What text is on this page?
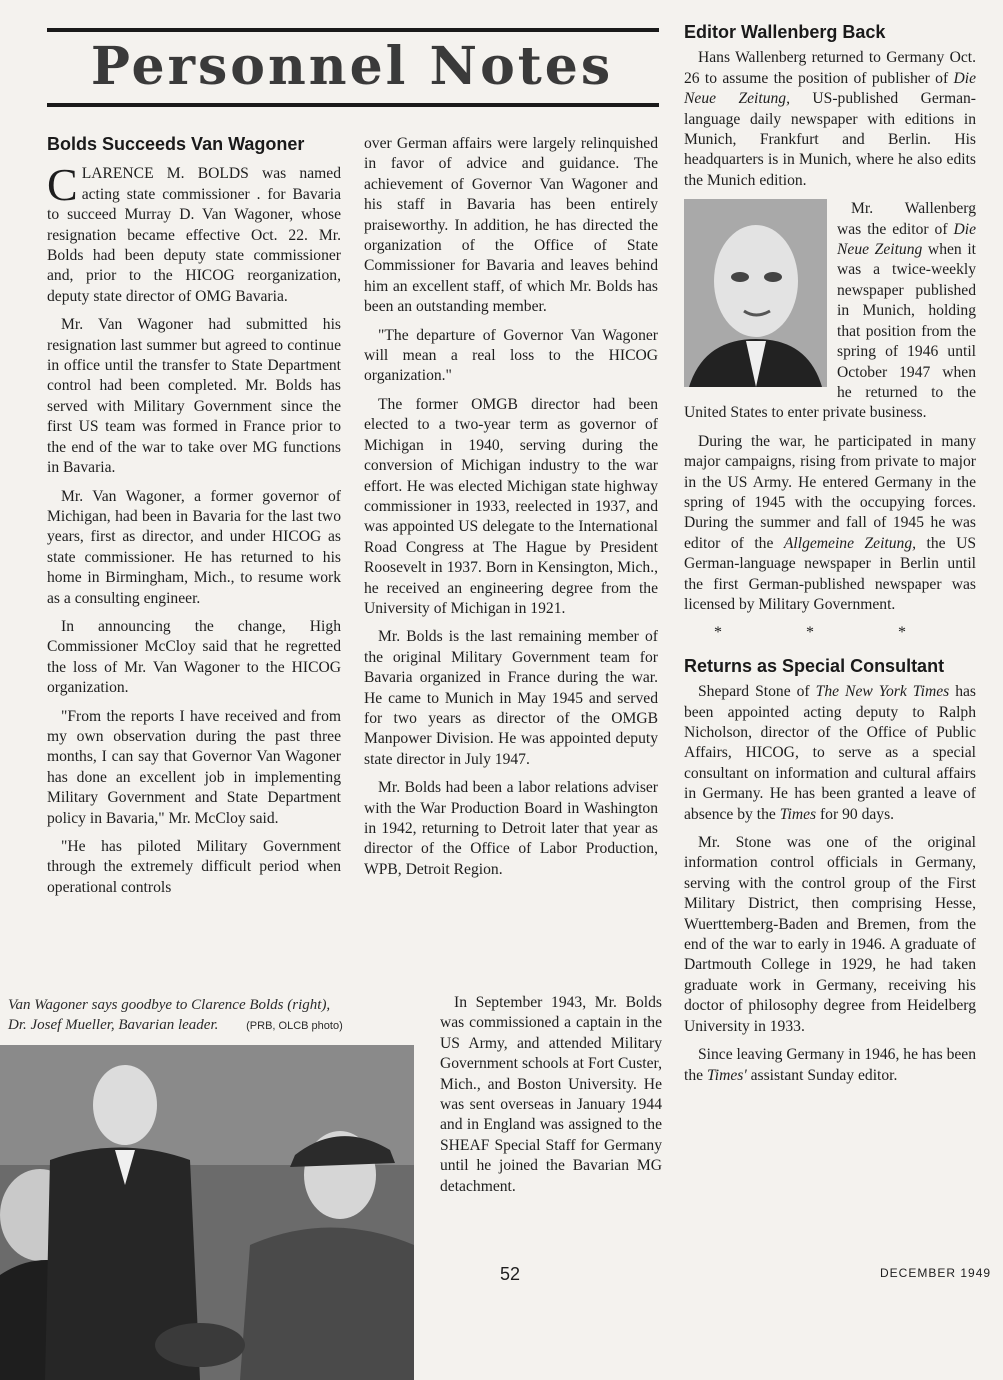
Personnel Notes
Bolds Succeeds Van Wagoner

CLARENCE M. BOLDS was named acting state commissioner . for Bavaria to succeed Murray D. Van Wagoner, whose resignation became effective Oct. 22. Mr. Bolds had been deputy state commissioner and, prior to the HICOG reorganization, deputy state director of OMG Bavaria.

Mr. Van Wagoner had submitted his resignation last summer but agreed to continue in office until the transfer to State Department control had been completed. Mr. Bolds has served with Military Government since the first US team was formed in France prior to the end of the war to take over MG functions in Bavaria.

Mr. Van Wagoner, a former governor of Michigan, had been in Bavaria for the last two years, first as director, and under HICOG as state commissioner. He has returned to his home in Birmingham, Mich., to resume work as a consulting engineer.

In announcing the change, High Commissioner McCloy said that he regretted the loss of Mr. Van Wagoner to the HICOG organization.

"From the reports I have received and from my own observation during the past three months, I can say that Governor Van Wagoner has done an excellent job in implementing Military Government and State Department policy in Bavaria," Mr. McCloy said.

"He has piloted Military Government through the extremely difficult period when operational controls

over German affairs were largely relinquished in favor of advice and guidance. The achievement of Governor Van Wagoner and his staff in Bavaria has been entirely praiseworthy. In addition, he has directed the organization of the Office of State Commissioner for Bavaria and leaves behind him an excellent staff, of which Mr. Bolds has been an outstanding member.

"The departure of Governor Van Wagoner will mean a real loss to the HICOG organization."

The former OMGB director had been elected to a two-year term as governor of Michigan in 1940, serving during the conversion of Michigan industry to the war effort. He was elected Michigan state highway commissioner in 1933, reelected in 1937, and was appointed US delegate to the International Road Congress at The Hague by President Roosevelt in 1937. Born in Kensington, Mich., he received an engineering degree from the University of Michigan in 1921.

Mr. Bolds is the last remaining member of the original Military Government team for Bavaria organized in France during the war. He came to Munich in May 1945 and served for two years as director of the OMGB Manpower Division. He was appointed deputy state director in July 1947.

Mr. Bolds had been a labor relations adviser with the War Production Board in Washington in 1942, returning to Detroit later that year as director of the Office of Labor Production, WPB, Detroit Region.

Van Wagoner says goodbye to Clarence Bolds (right),
Dr. Josef Mueller, Bavarian leader.	(PRB, OLCB photo)

In September 1943, Mr. Bolds was commissioned a captain in the US Army, and attended Military Government schools at Fort Custer, Mich., and Boston University. He was sent overseas in January 1944 and in England was assigned to the SHEAF Special Staff for Germany until he joined the Bavarian MG detachment.

Editor Wallenberg Back

Hans Wallenberg returned to Germany Oct. 26 to assume the position of publisher of Die Neue Zeitung, US-published German-language daily newspaper with editions in Munich, Frankfurt and Berlin. His headquarters is in Munich, where he also edits the Munich edition.

Mr. Wallenberg was the editor of Die Neue Zeitung when it was a twice-weekly newspaper published in Munich, holding that position from the spring of 1946 until October 1947 when he returned to the United States to enter private business.

During the war, he participated in many major campaigns, rising from private to major in the US Army. He entered Germany in the spring of 1945 with the occupying forces. During the summer and fall of 1945 he was editor of the Allgemeine Zeitung, the US German-language newspaper in Berlin until the first German-published newspaper was licensed by Military Government.

* * *
Returns as Special Consultant

Shepard Stone of The New York Times has been appointed acting deputy to Ralph Nicholson, director of the Office of Public Affairs, HICOG, to serve as a special consultant on information and cultural affairs in Germany. He has been granted a leave of absence by the Times for 90 days.

Mr. Stone was one of the original information control officials in Germany, serving with the control group of the First Military District, then comprising Hesse, Wuerttemberg-Baden and Bremen, from the end of the war to early in 1946. A graduate of Dartmouth College in 1929, he had taken graduate work in Germany, receiving his doctor of philosophy degree from Heidelberg University in 1933.

Since leaving Germany in 1946, he has been the Times' assistant Sunday editor.

52	DECEMBER 1949
